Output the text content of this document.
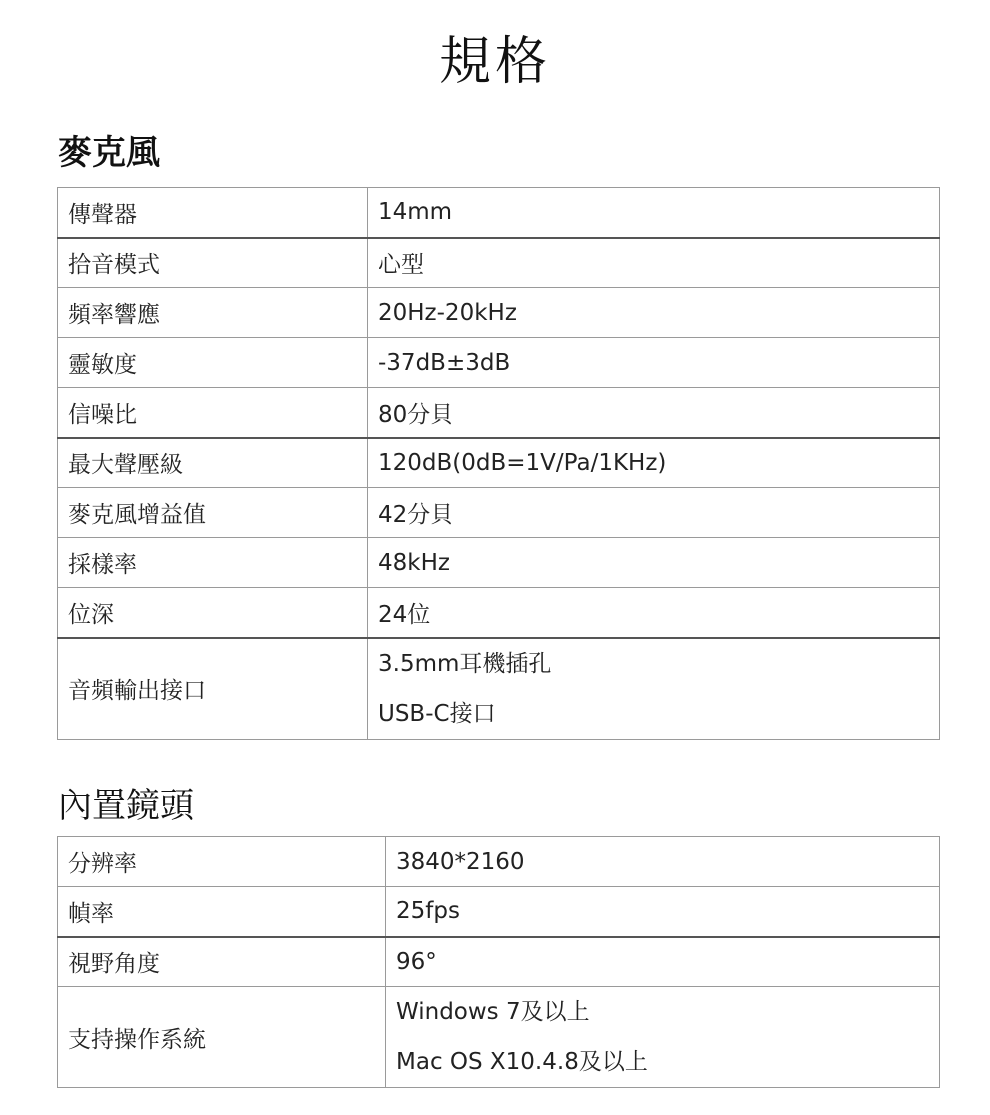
規格
麥克風
傳聲器	14mm
拾音模式	心型
頻率響應	20Hz-20kHz
靈敏度	-37dB±3dB
信噪比	80分貝
最大聲壓級	120dB(0dB=1V/Pa/1KHz)
麥克風增益值	42分貝
採樣率	48kHz
位深	24位
音頻輸出接口	3.5mm耳機插孔
USB-C接口
內置鏡頭
分辨率	3840*2160
幀率	25fps
視野角度	96°
支持操作系統	Windows 7及以上
Mac OS X10.4.8及以上
